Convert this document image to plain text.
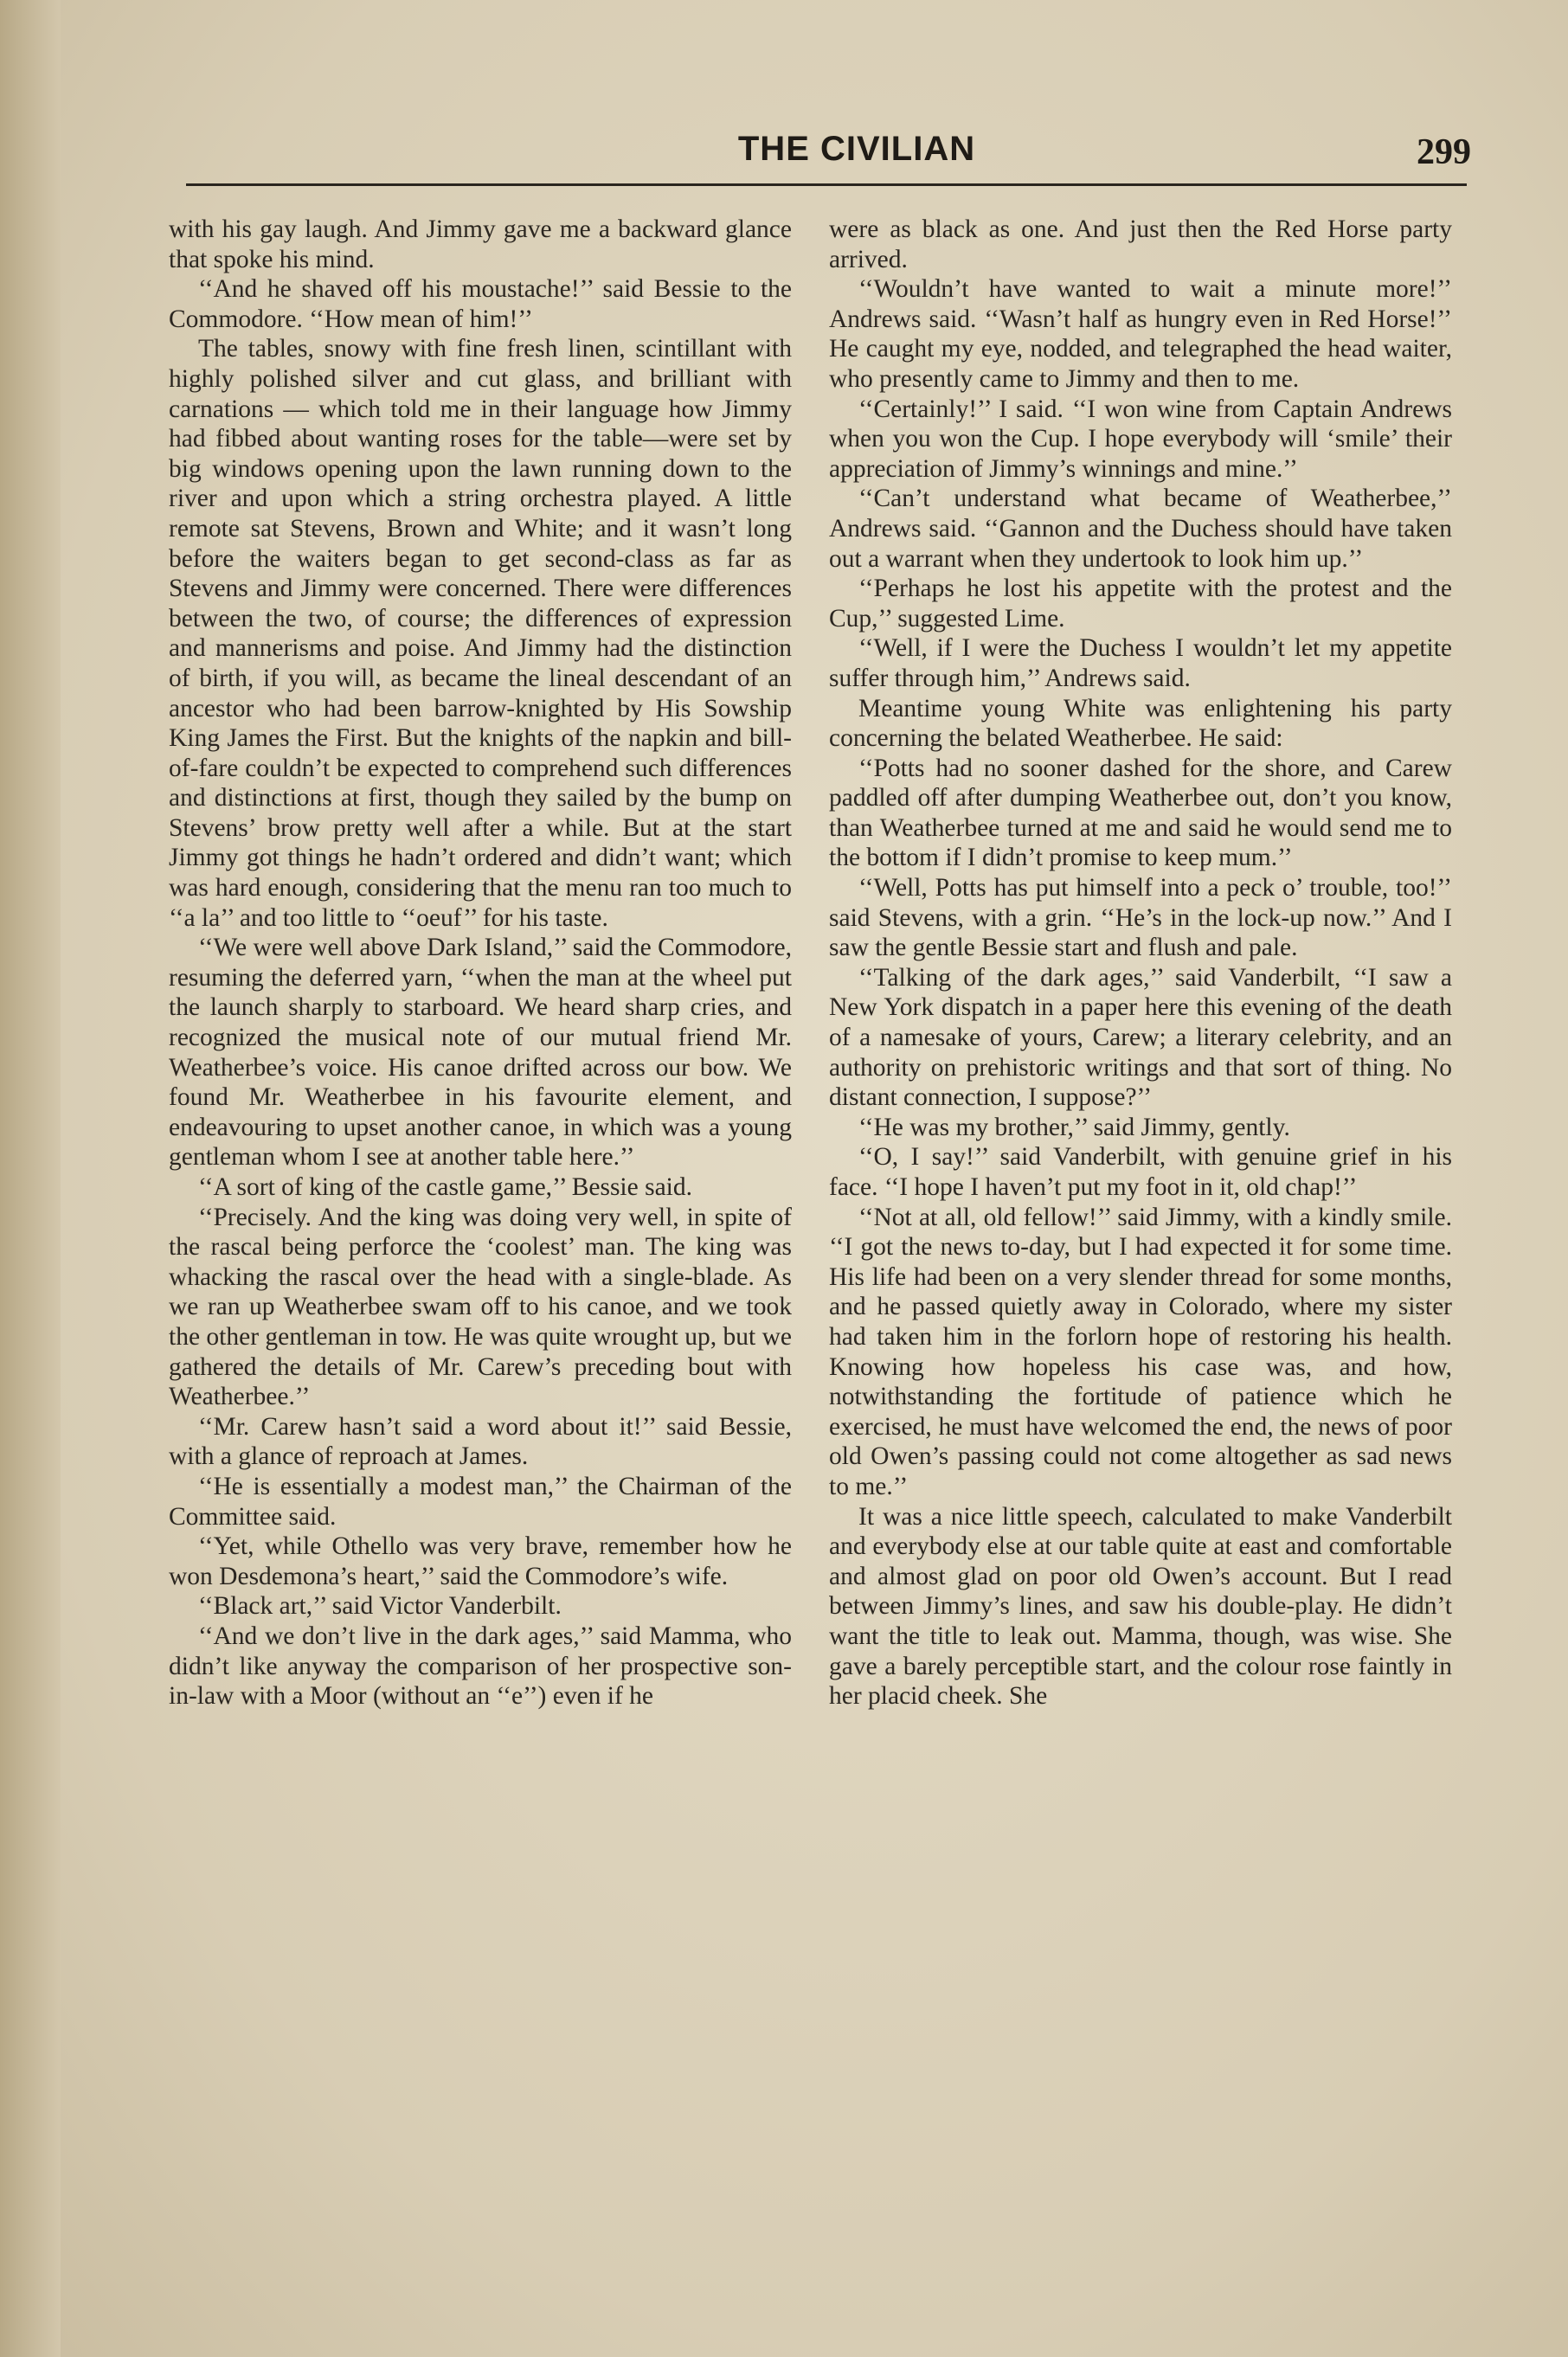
THE CIVILIAN	299

with his gay laugh. And Jimmy gave me a backward glance that spoke his mind.

‘‘And he shaved off his moustache!’’ said Bessie to the Commodore. ‘‘How mean of him!’’

The tables, snowy with fine fresh linen, scintillant with highly polished silver and cut glass, and brilliant with carnations — which told me in their language how Jimmy had fibbed about wanting roses for the table—were set by big windows opening upon the lawn running down to the river and upon which a string orchestra played. A little remote sat Stevens, Brown and White; and it wasn’t long before the waiters began to get second-class as far as Stevens and Jimmy were concerned. There were differences between the two, of course; the differences of expression and mannerisms and poise. And Jimmy had the distinction of birth, if you will, as became the lineal descendant of an ancestor who had been barrow-knighted by His Sowship King James the First. But the knights of the napkin and bill-of-fare couldn’t be expected to comprehend such differences and distinctions at first, though they sailed by the bump on Stevens’ brow pretty well after a while. But at the start Jimmy got things he hadn’t ordered and didn’t want; which was hard enough, considering that the menu ran too much to ‘‘a la’’ and too little to ‘‘oeuf’’ for his taste.

‘‘We were well above Dark Island,’’ said the Commodore, resuming the deferred yarn, ‘‘when the man at the wheel put the launch sharply to starboard. We heard sharp cries, and recognized the musical note of our mutual friend Mr. Weatherbee’s voice. His canoe drifted across our bow. We found Mr. Weatherbee in his favourite element, and endeavouring to upset another canoe, in which was a young gentleman whom I see at another table here.’’

‘‘A sort of king of the castle game,’’ Bessie said.

‘‘Precisely. And the king was doing very well, in spite of the rascal being perforce the ‘coolest’ man. The king was whacking the rascal over the head with a single-blade. As we ran up Weatherbee swam off to his canoe, and we took the other gentleman in tow. He was quite wrought up, but we gathered the details of Mr. Carew’s preceding bout with Weatherbee.’’

‘‘Mr. Carew hasn’t said a word about it!’’ said Bessie, with a glance of reproach at James.

‘‘He is essentially a modest man,’’ the Chairman of the Committee said.

‘‘Yet, while Othello was very brave, remember how he won Desdemona’s heart,’’ said the Commodore’s wife.

‘‘Black art,’’ said Victor Vanderbilt.

‘‘And we don’t live in the dark ages,’’ said Mamma, who didn’t like anyway the comparison of her prospective son-in-law with a Moor (without an ‘‘e’’) even if he

were as black as one. And just then the Red Horse party arrived.

‘‘Wouldn’t have wanted to wait a minute more!’’ Andrews said. ‘‘Wasn’t half as hungry even in Red Horse!’’ He caught my eye, nodded, and telegraphed the head waiter, who presently came to Jimmy and then to me.

‘‘Certainly!’’ I said. ‘‘I won wine from Captain Andrews when you won the Cup. I hope everybody will ‘smile’ their appreciation of Jimmy’s winnings and mine.’’

‘‘Can’t understand what became of Weatherbee,’’ Andrews said. ‘‘Gannon and the Duchess should have taken out a warrant when they undertook to look him up.’’

‘‘Perhaps he lost his appetite with the protest and the Cup,’’ suggested Lime.

‘‘Well, if I were the Duchess I wouldn’t let my appetite suffer through him,’’ Andrews said.

Meantime young White was enlightening his party concerning the belated Weatherbee. He said:

‘‘Potts had no sooner dashed for the shore, and Carew paddled off after dumping Weatherbee out, don’t you know, than Weatherbee turned at me and said he would send me to the bottom if I didn’t promise to keep mum.’’

‘‘Well, Potts has put himself into a peck o’ trouble, too!’’ said Stevens, with a grin. ‘‘He’s in the lock-up now.’’ And I saw the gentle Bessie start and flush and pale.

‘‘Talking of the dark ages,’’ said Vanderbilt, ‘‘I saw a New York dispatch in a paper here this evening of the death of a namesake of yours, Carew; a literary celebrity, and an authority on prehistoric writings and that sort of thing. No distant connection, I suppose?’’

‘‘He was my brother,’’ said Jimmy, gently.

‘‘O, I say!’’ said Vanderbilt, with genuine grief in his face. ‘‘I hope I haven’t put my foot in it, old chap!’’

‘‘Not at all, old fellow!’’ said Jimmy, with a kindly smile. ‘‘I got the news to-day, but I had expected it for some time. His life had been on a very slender thread for some months, and he passed quietly away in Colorado, where my sister had taken him in the forlorn hope of restoring his health. Knowing how hopeless his case was, and how, notwithstanding the fortitude of patience which he exercised, he must have welcomed the end, the news of poor old Owen’s passing could not come altogether as sad news to me.’’

It was a nice little speech, calculated to make Vanderbilt and everybody else at our table quite at east and comfortable and almost glad on poor old Owen’s account. But I read between Jimmy’s lines, and saw his double-play. He didn’t want the title to leak out. Mamma, though, was wise. She gave a barely perceptible start, and the colour rose faintly in her placid cheek. She
